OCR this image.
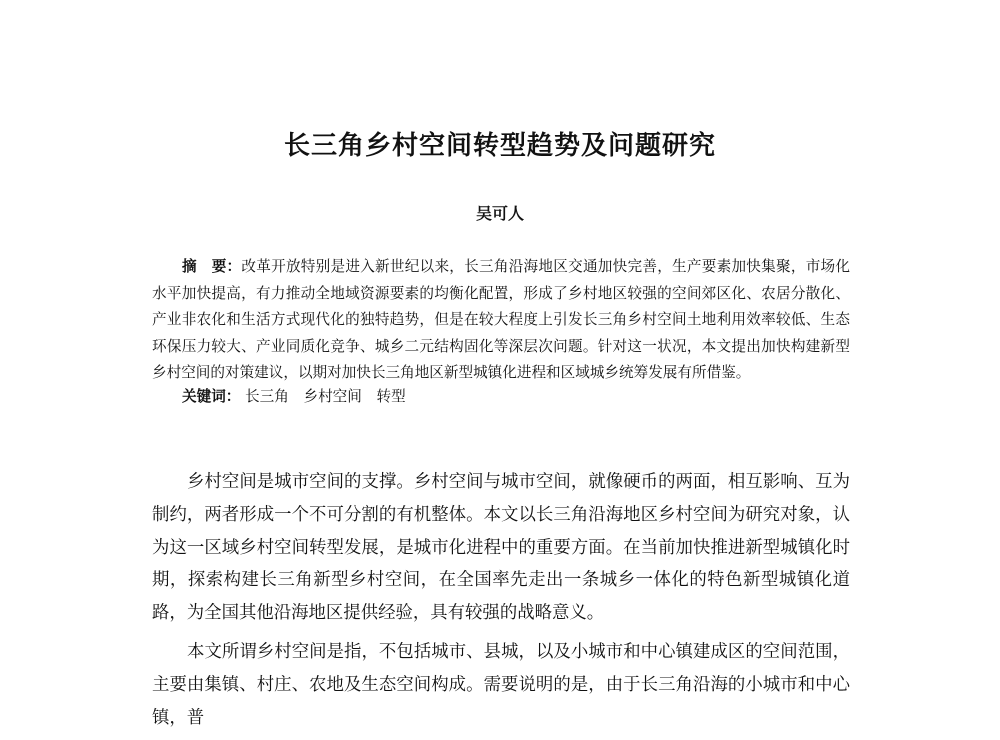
长三角乡村空间转型趋势及问题研究
吴可人
摘　要：改革开放特别是进入新世纪以来，长三角沿海地区交通加快完善，生产要素加快集聚，市场化水平加快提高，有力推动全地域资源要素的均衡化配置，形成了乡村地区较强的空间郊区化、农居分散化、产业非农化和生活方式现代化的独特趋势，但是在较大程度上引发长三角乡村空间土地利用效率较低、生态环保压力较大、产业同质化竞争、城乡二元结构固化等深层次问题。针对这一状况，本文提出加快构建新型乡村空间的对策建议，以期对加快长三角地区新型城镇化进程和区域城乡统筹发展有所借鉴。
关键词： 长三角 乡村空间 转型

乡村空间是城市空间的支撑。乡村空间与城市空间，就像硬币的两面，相互影响、互为制约，两者形成一个不可分割的有机整体。本文以长三角沿海地区乡村空间为研究对象，认为这一区域乡村空间转型发展，是城市化进程中的重要方面。在当前加快推进新型城镇化时期，探索构建长三角新型乡村空间，在全国率先走出一条城乡一体化的特色新型城镇化道路，为全国其他沿海地区提供经验，具有较强的战略意义。

本文所谓乡村空间是指，不包括城市、县城，以及小城市和中心镇建成区的空间范围，主要由集镇、村庄、农地及生态空间构成。需要说明的是，由于长三角沿海的小城市和中心镇，普
